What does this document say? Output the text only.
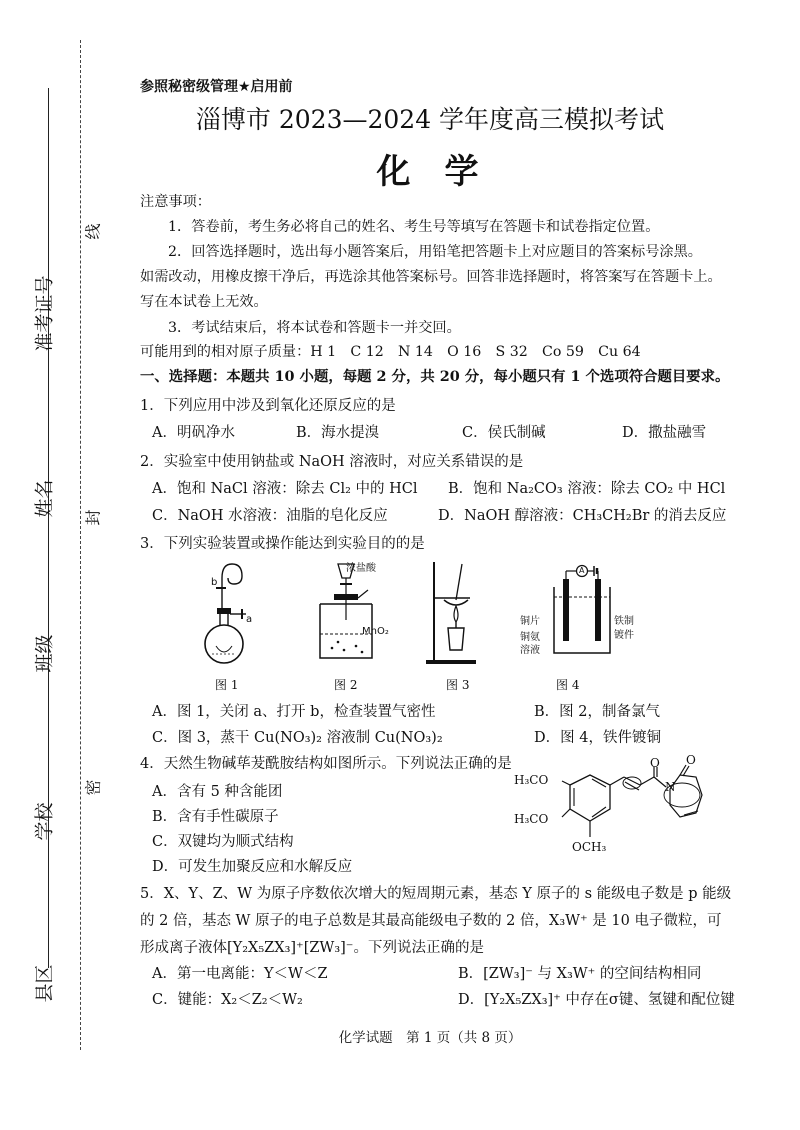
准考证号
姓名
班级
学校
县区
线
封
密
参照秘密级管理★启用前
淄博市 2023—2024 学年度高三模拟考试
化　学
注意事项：
1．答卷前，考生务必将自己的姓名、考生号等填写在答题卡和试卷指定位置。
2．回答选择题时，选出每小题答案后，用铅笔把答题卡上对应题目的答案标号涂黑。
如需改动，用橡皮擦干净后，再选涂其他答案标号。回答非选择题时，将答案写在答题卡上。
写在本试卷上无效。
3．考试结束后，将本试卷和答题卡一并交回。
可能用到的相对原子质量：H 1　C 12　N 14　O 16　S 32　Co 59　Cu 64
一、选择题：本题共 10 小题，每题 2 分，共 20 分，每小题只有 1 个选项符合题目要求。
1．下列应用中涉及到氧化还原反应的是
A．明矾净水	B．海水提溴	C．侯氏制碱	D．撒盐融雪
2．实验室中使用钠盐或 NaOH 溶液时，对应关系错误的是
A．饱和 NaCl 溶液：除去 Cl₂ 中的 HCl B．饱和 Na₂CO₃ 溶液：除去 CO₂ 中 HCl
C．NaOH 水溶液：油脂的皂化反应	D．NaOH 醇溶液：CH₃CH₂Br 的消去反应
3．下列实验装置或操作能达到实验目的的是
b
a
图 1
浓盐酸
MnO₂
图 2	图 3
A
铜片
铜氨
溶液
铁制
镀件
图 4
A．图 1，关闭 a、打开 b，检查装置气密性	B．图 2，制备氯气
C．图 3，蒸干 Cu(NO₃)₂ 溶液制 Cu(NO₃)₂	D．图 4，铁件镀铜
4．天然生物碱荜茇酰胺结构如图所示。下列说法正确的是
A．含有 5 种含能团
B．含有手性碳原子
C．双键均为顺式结构
D．可发生加聚反应和水解反应
H₃CO
H₃CO
OCH₃
N
O O
5．X、Y、Z、W 为原子序数依次增大的短周期元素，基态 Y 原子的 s 能级电子数是 p 能级
的 2 倍，基态 W 原子的电子总数是其最高能级电子数的 2 倍，X₃W⁺ 是 10 电子微粒，可
形成离子液体[Y₂X₅ZX₃]⁺[ZW₃]⁻。下列说法正确的是
A．第一电离能：Y＜W＜Z	B．[ZW₃]⁻ 与 X₃W⁺ 的空间结构相同
C．键能：X₂＜Z₂＜W₂	D．[Y₂X₅ZX₃]⁺ 中存在σ键、氢键和配位键
化学试题　第 1 页（共 8 页）
